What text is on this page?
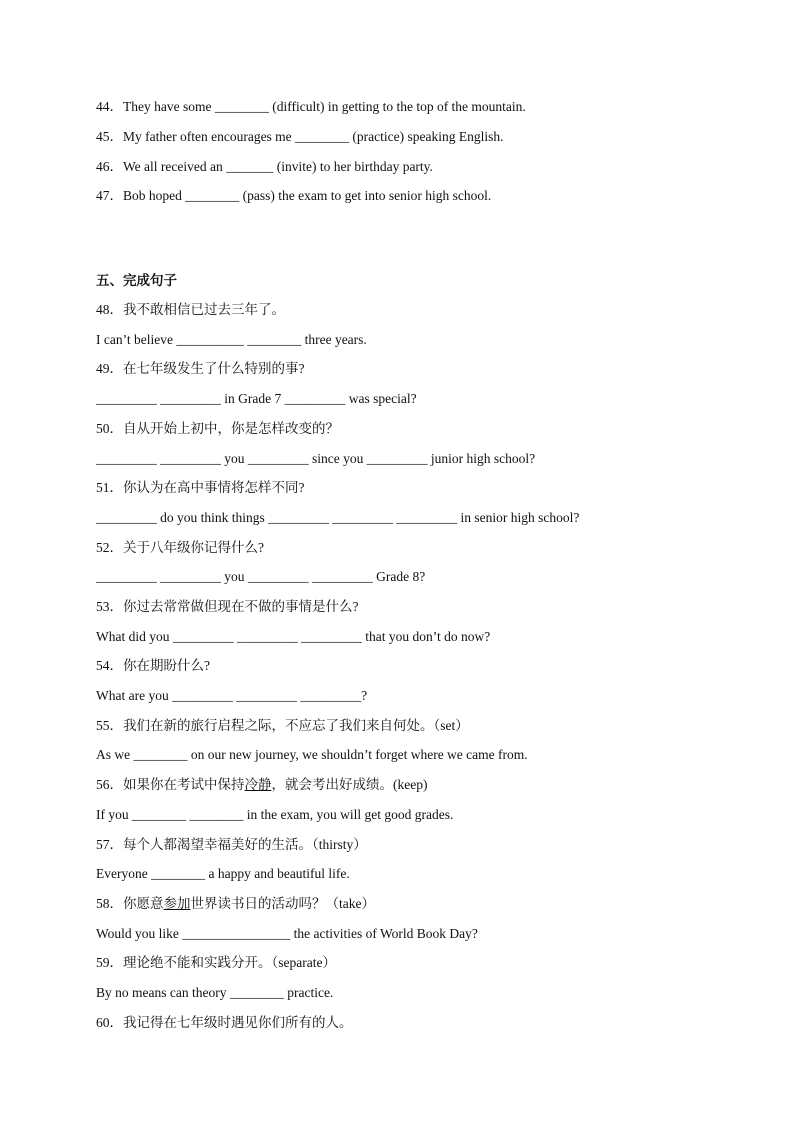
44．They have some ________ (difficult) in getting to the top of the mountain.
45．My father often encourages me ________ (practice) speaking English.
46．We all received an _______ (invite) to her birthday party.
47．Bob hoped ________ (pass) the exam to get into senior high school.
五、完成句子
48．我不敢相信已过去三年了。
I can’t believe __________ ________ three years.
49．在七年级发生了什么特别的事?
_________ _________ in Grade 7 _________ was special?
50．自从开始上初中，你是怎样改变的？
_________ _________ you _________ since you _________ junior high school?
51．你认为在高中事情将怎样不同?
_________ do you think things _________ _________ _________ in senior high school?
52．关于八年级你记得什么?
_________ _________ you _________ _________ Grade 8?
53．你过去常常做但现在不做的事情是什么?
What did you _________ _________ _________ that you don’t do now?
54．你在期盼什么?
What are you _________ _________ _________?
55．我们在新的旅行启程之际，不应忘了我们来自何处。（set）
As we ________ on our new journey, we shouldn’t forget where we came from.
56．如果你在考试中保持冷静，就会考出好成绩。(keep)
If you ________ ________ in the exam, you will get good grades.
57．每个人都渴望幸福美好的生活。（thirsty）
Everyone ________ a happy and beautiful life.
58．你愿意参加世界读书日的活动吗？（take）
Would you like ________________ the activities of World Book Day?
59．理论绝不能和实践分开。（separate）
By no means can theory ________ practice.
60．我记得在七年级时遇见你们所有的人。
